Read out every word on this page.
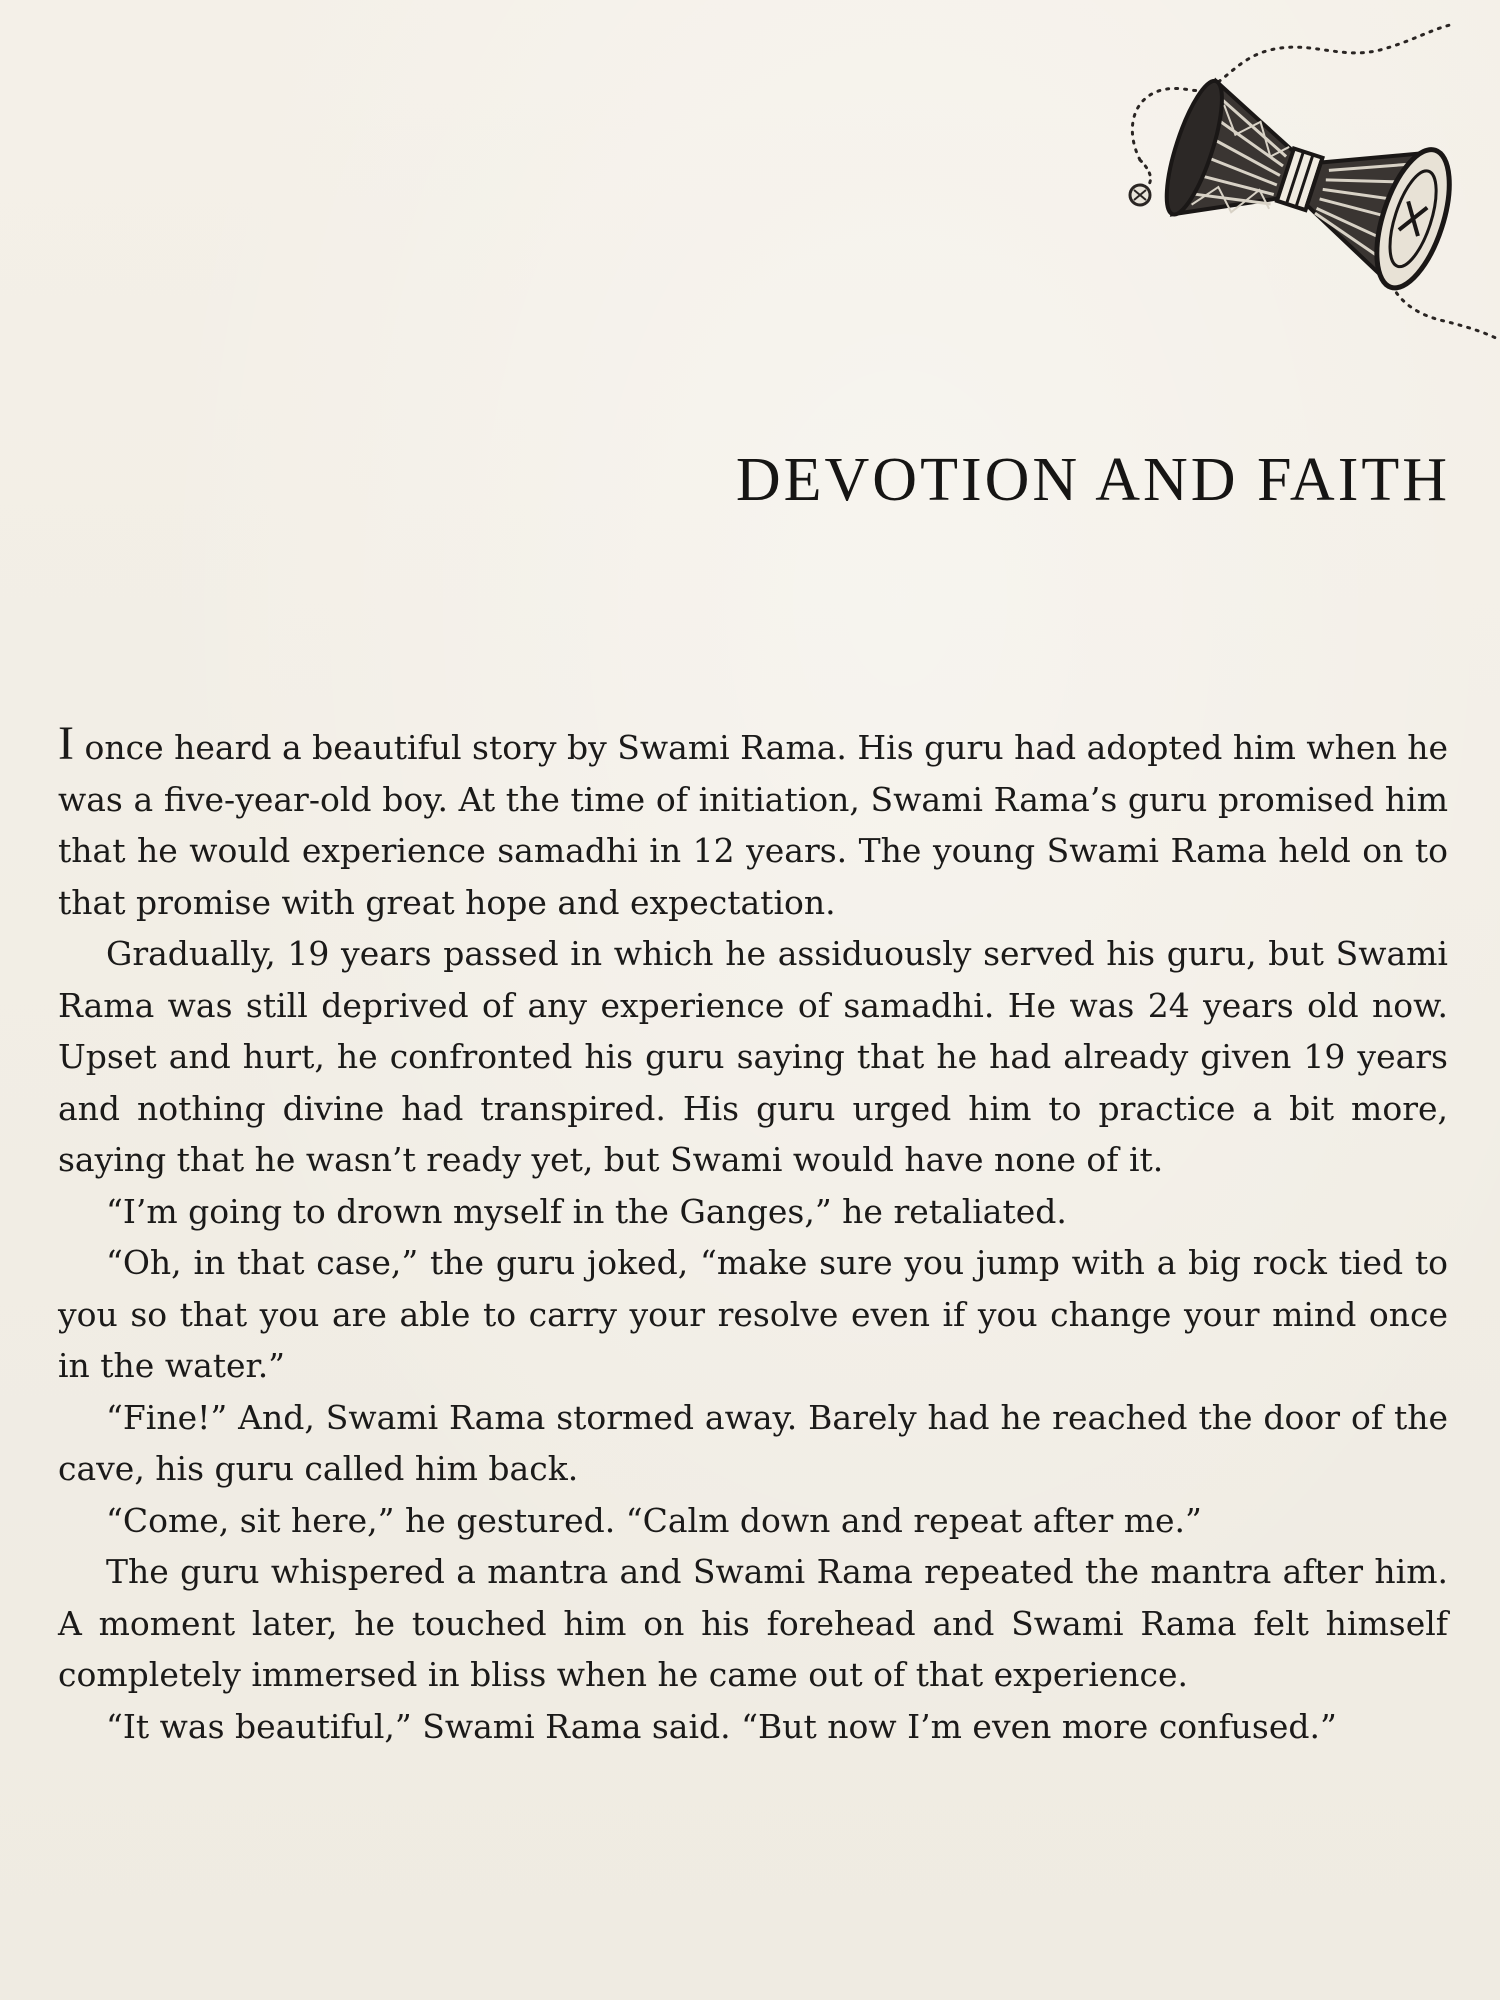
DEVOTION AND FAITH

I once heard a beautiful story by Swami Rama. His guru had adopted him when he was a five-year-old boy. At the time of initiation, Swami Rama’s guru promised him that he would experience samadhi in 12 years. The young Swami Rama held on to that promise with great hope and expectation.

Gradually, 19 years passed in which he assiduously served his guru, but Swami Rama was still deprived of any experience of samadhi. He was 24 years old now. Upset and hurt, he confronted his guru saying that he had already given 19 years and nothing divine had transpired. His guru urged him to practice a bit more, saying that he wasn’t ready yet, but Swami would have none of it.

“I’m going to drown myself in the Ganges,” he retaliated.

“Oh, in that case,” the guru joked, “make sure you jump with a big rock tied to you so that you are able to carry your resolve even if you change your mind once in the water.”

“Fine!” And, Swami Rama stormed away. Barely had he reached the door of the cave, his guru called him back.

“Come, sit here,” he gestured. “Calm down and repeat after me.”

The guru whispered a mantra and Swami Rama repeated the mantra after him. A moment later, he touched him on his forehead and Swami Rama felt himself completely immersed in bliss when he came out of that experience.

“It was beautiful,” Swami Rama said. “But now I’m even more confused.”
